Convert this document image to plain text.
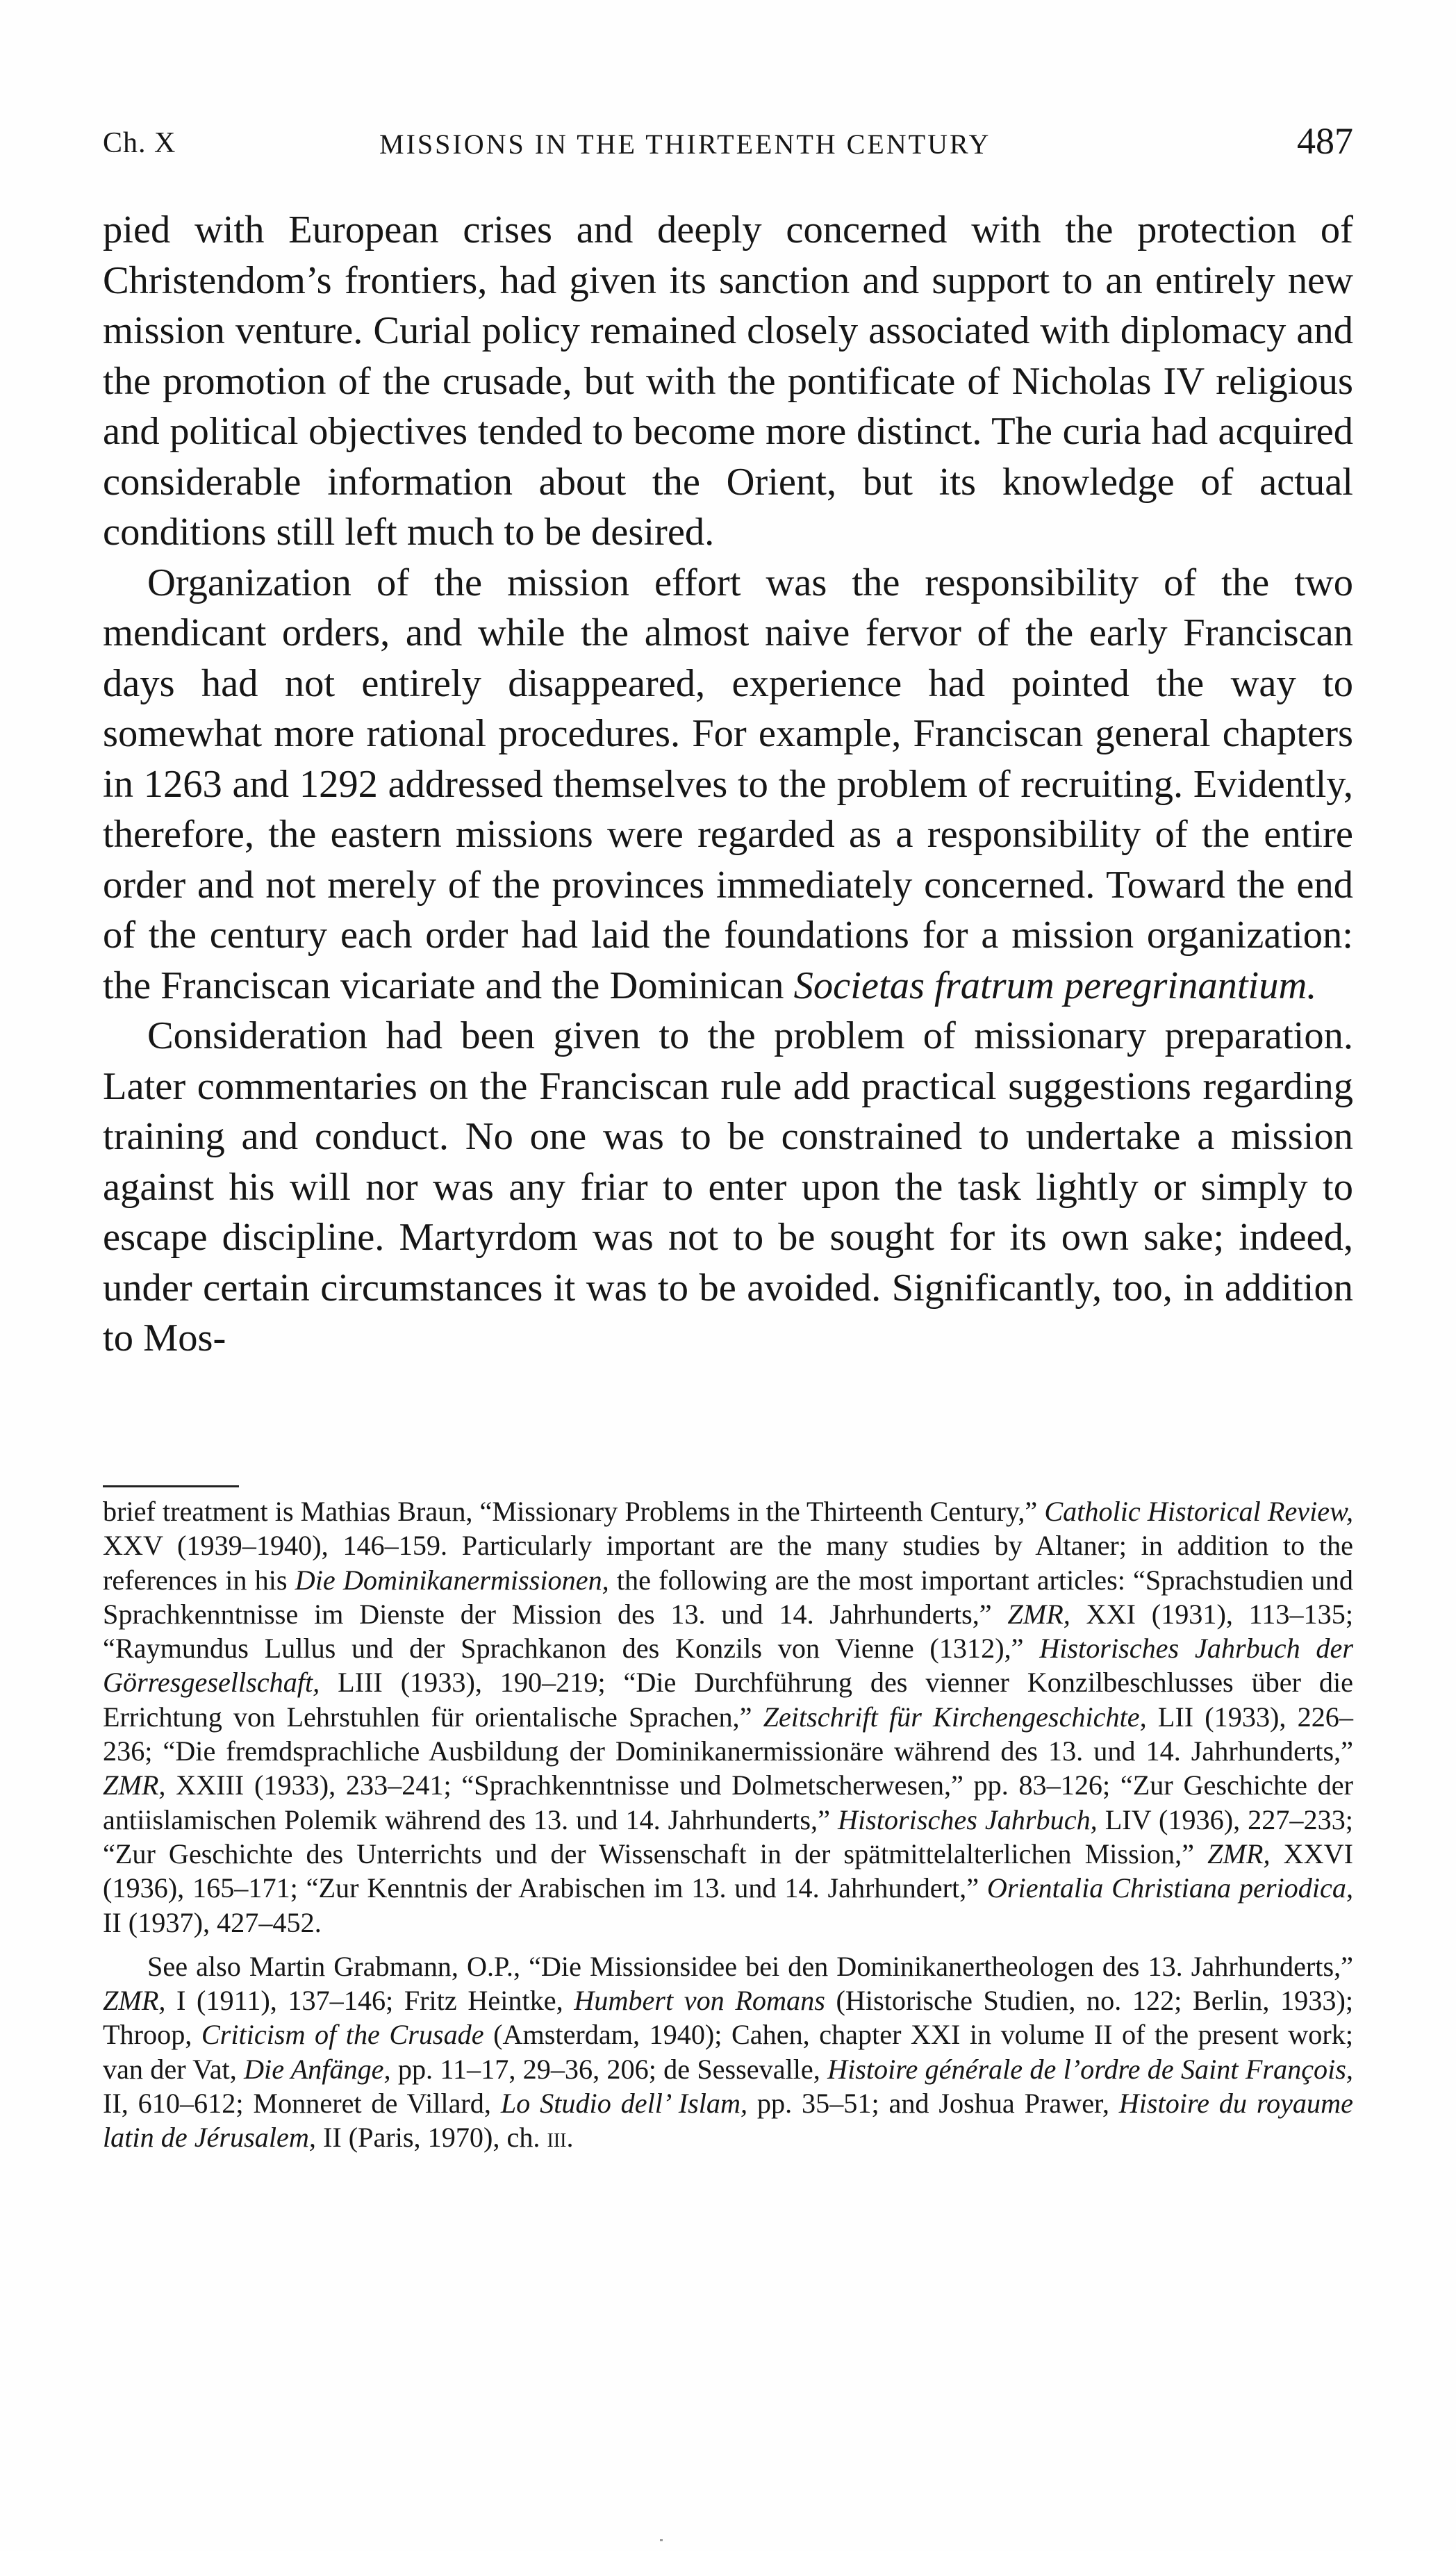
Ch. X	MISSIONS IN THE THIRTEENTH CENTURY	487

pied with European crises and deeply concerned with the protection of Christendom’s frontiers, had given its sanction and support to an entirely new mission venture. Curial policy remained closely associated with diplomacy and the promotion of the crusade, but with the pontificate of Nicholas IV religious and political objectives tended to become more distinct. The curia had acquired considerable information about the Orient, but its knowledge of actual conditions still left much to be desired.

Organization of the mission effort was the responsibility of the two mendicant orders, and while the almost naive fervor of the early Franciscan days had not entirely disappeared, experience had pointed the way to somewhat more rational procedures. For example, Franciscan general chapters in 1263 and 1292 addressed themselves to the problem of recruiting. Evidently, therefore, the eastern missions were regarded as a responsibility of the entire order and not merely of the provinces immediately concerned. Toward the end of the century each order had laid the foundations for a mission organization: the Franciscan vicariate and the Dominican Societas fratrum peregrinantium.

Consideration had been given to the problem of missionary preparation. Later commentaries on the Franciscan rule add practical suggestions regarding training and conduct. No one was to be constrained to undertake a mission against his will nor was any friar to enter upon the task lightly or simply to escape discipline. Martyrdom was not to be sought for its own sake; indeed, under certain circumstances it was to be avoided. Significantly, too, in addition to Mos-

brief treatment is Mathias Braun, “Missionary Problems in the Thirteenth Century,” Catholic Historical Review, XXV (1939–1940), 146–159. Particularly important are the many studies by Altaner; in addition to the references in his Die Dominikanermissionen, the following are the most important articles: “Sprachstudien und Sprachkenntnisse im Dienste der Mission des 13. und 14. Jahrhunderts,” ZMR, XXI (1931), 113–135; “Raymundus Lullus und der Sprachkanon des Konzils von Vienne (1312),” Historisches Jahrbuch der Görresgesellschaft, LIII (1933), 190–219; “Die Durchführung des vienner Konzilbeschlusses über die Errichtung von Lehrstuhlen für orientalische Sprachen,” Zeitschrift für Kirchengeschichte, LII (1933), 226–236; “Die fremdsprachliche Ausbildung der Dominikanermissionäre während des 13. und 14. Jahrhunderts,” ZMR, XXIII (1933), 233–241; “Sprachkenntnisse und Dolmetscherwesen,” pp. 83–126; “Zur Geschichte der antiislamischen Polemik während des 13. und 14. Jahrhunderts,” Historisches Jahrbuch, LIV (1936), 227–233; “Zur Geschichte des Unterrichts und der Wissenschaft in der spätmittelalterlichen Mission,” ZMR, XXVI (1936), 165–171; “Zur Kenntnis der Arabischen im 13. und 14. Jahrhundert,” Orientalia Christiana periodica, II (1937), 427–452.

See also Martin Grabmann, O.P., “Die Missionsidee bei den Dominikanertheologen des 13. Jahrhunderts,” ZMR, I (1911), 137–146; Fritz Heintke, Humbert von Romans (Historische Studien, no. 122; Berlin, 1933); Throop, Criticism of the Crusade (Amsterdam, 1940); Cahen, chapter XXI in volume II of the present work; van der Vat, Die Anfänge, pp. 11–17, 29–36, 206; de Sessevalle, Histoire générale de l’ordre de Saint François, II, 610–612; Monneret de Villard, Lo Studio dell’ Islam, pp. 35–51; and Joshua Prawer, Histoire du royaume latin de Jérusalem, II (Paris, 1970), ch. iii.
